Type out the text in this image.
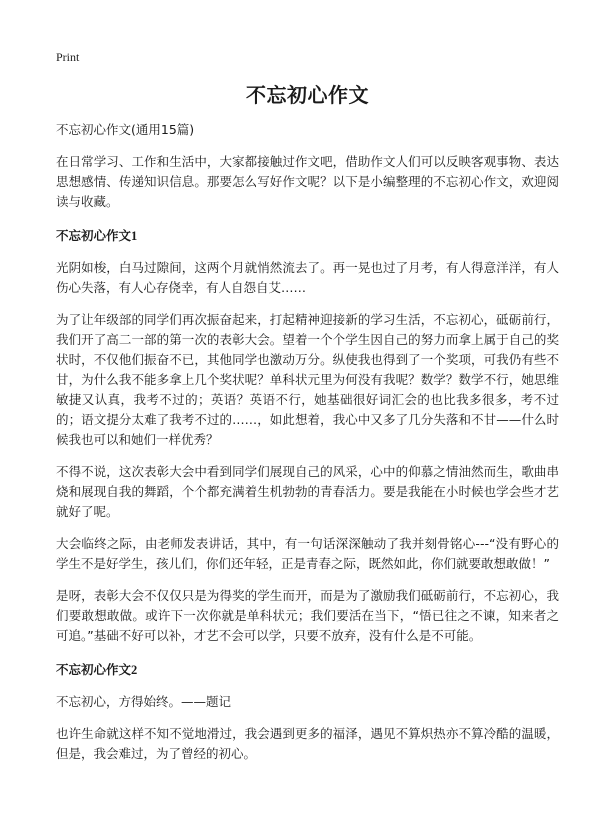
Print
不忘初心作文

不忘初心作文(通用15篇)

在日常学习、工作和生活中，大家都接触过作文吧，借助作文人们可以反映客观事物、表达思想感情、传递知识信息。那要怎么写好作文呢？以下是小编整理的不忘初心作文，欢迎阅读与收藏。

不忘初心作文1

光阴如梭，白马过隙间，这两个月就悄然流去了。再一晃也过了月考，有人得意洋洋，有人伤心失落，有人心存侥幸，有人自怨自艾……

为了让年级部的同学们再次振奋起来，打起精神迎接新的学习生活，不忘初心，砥砺前行，我们开了高二一部的第一次的表彰大会。望着一个个学生因自己的努力而拿上属于自己的奖状时，不仅他们振奋不已，其他同学也激动万分。纵使我也得到了一个奖项，可我仍有些不甘，为什么我不能多拿上几个奖状呢？单科状元里为何没有我呢？数学？数学不行，她思维敏捷又认真，我考不过的；英语？英语不行，她基础很好词汇会的也比我多很多，考不过的；语文提分太难了我考不过的……，如此想着，我心中又多了几分失落和不甘——什么时候我也可以和她们一样优秀？

不得不说，这次表彰大会中看到同学们展现自己的风采，心中的仰慕之情油然而生，歌曲串烧和展现自我的舞蹈，个个都充满着生机勃勃的青春活力。要是我能在小时候也学会些才艺就好了呢。

大会临终之际，由老师发表讲话，其中，有一句话深深触动了我并刻骨铭心---“没有野心的学生不是好学生，孩儿们，你们还年轻，正是青春之际，既然如此，你们就要敢想敢做！”

是呀，表彰大会不仅仅只是为得奖的学生而开，而是为了激励我们砥砺前行，不忘初心，我们要敢想敢做。或许下一次你就是单科状元；我们要活在当下，“悟已往之不谏，知来者之可追。”基础不好可以补，才艺不会可以学，只要不放弃，没有什么是不可能。

不忘初心作文2

不忘初心，方得始终。——题记

也许生命就这样不知不觉地滑过，我会遇到更多的福泽，遇见不算炽热亦不算冷酷的温暖，但是，我会难过，为了曾经的初心。
